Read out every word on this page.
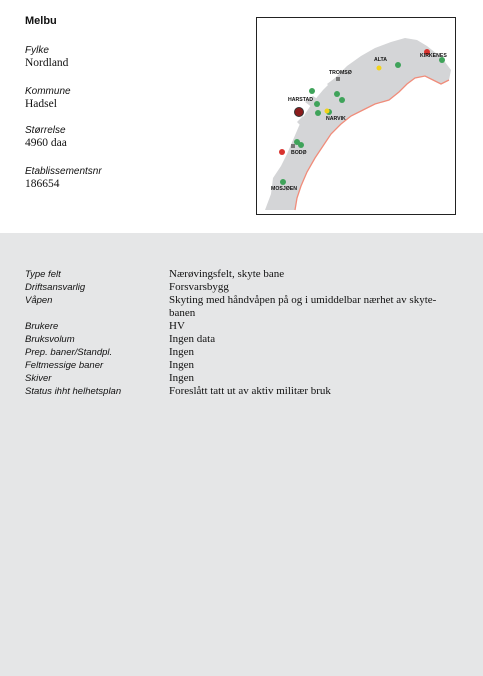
Melbu
Fylke
Nordland
Kommune
Hadsel
Størrelse
4960 daa
Etablissementsnr
186654
KIRKENES
ALTA
TROMSØ
HARSTAD
NARVIK
BODØ
MOSJØEN
Type felt	Nærøvingsfelt, skyte bane
Driftsansvarlig	Forsvarsbygg
Våpen	Skyting med håndvåpen på og i umiddelbar nærhet av skyte-banen
Brukere	HV
Bruksvolum	Ingen data
Prep. baner/Standpl.	Ingen
Feltmessige baner	Ingen
Skiver	Ingen
Status ihht helhetsplan	Foreslått tatt ut av aktiv militær bruk
